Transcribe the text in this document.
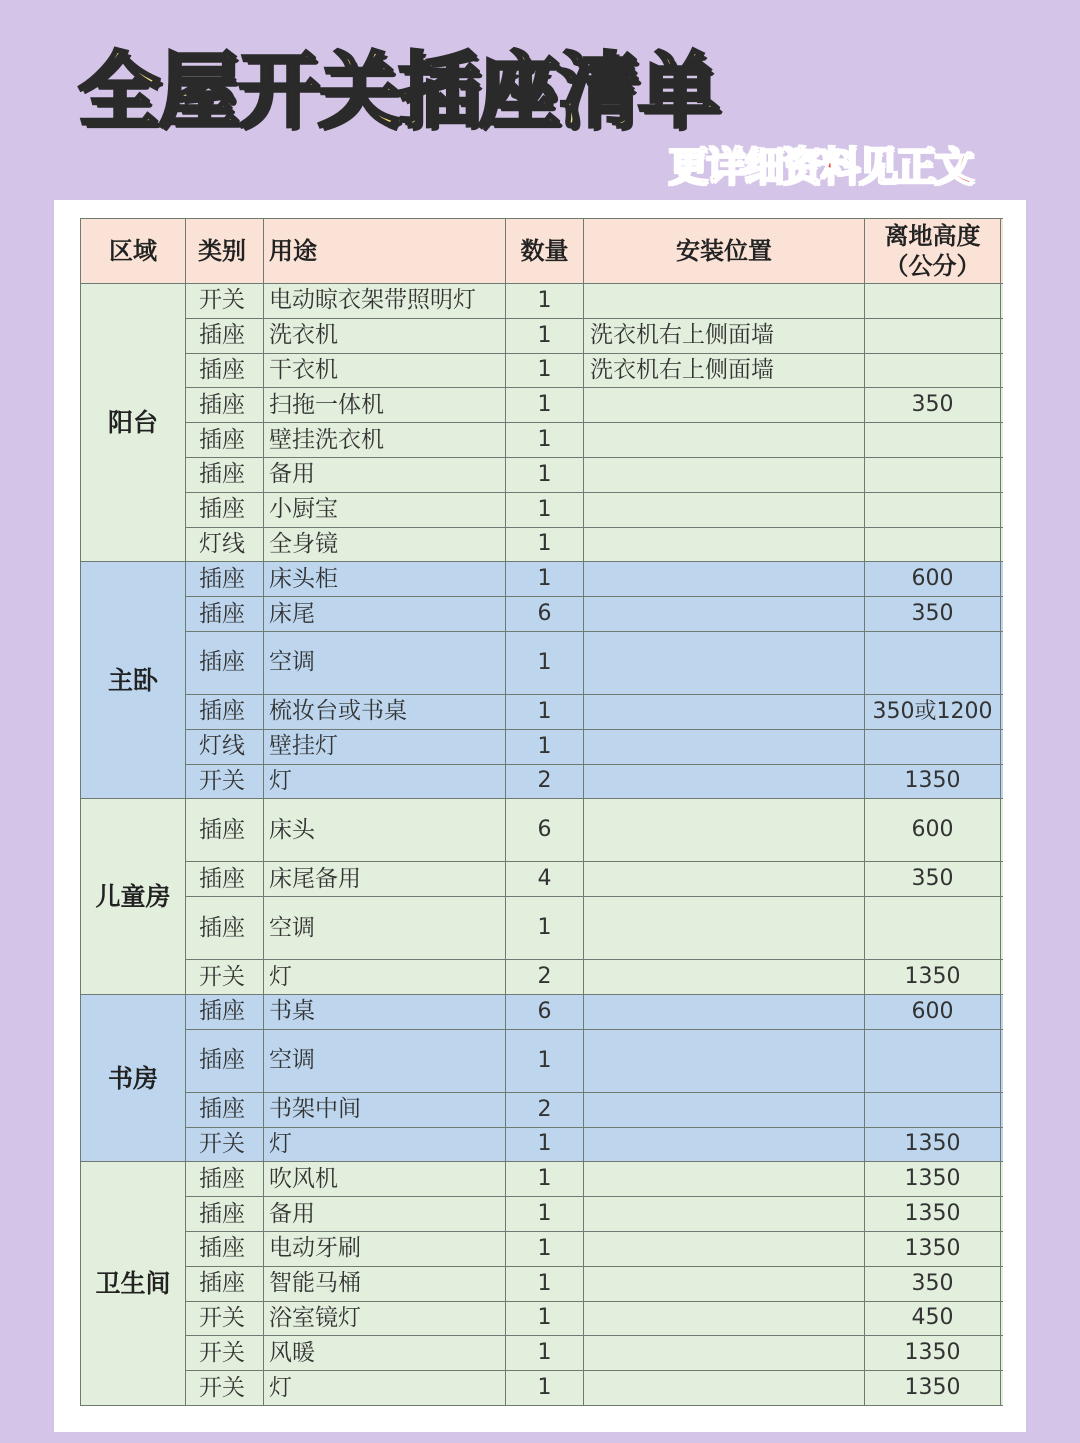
全屋开关插座清单
更详细资料见正文
区域	类别	用途	数量	安装位置	离地高度
（公分）	
阳台	开关	电动晾衣架带照明灯	1			
	插座	洗衣机	1	洗衣机右上侧面墙		
	插座	干衣机	1	洗衣机右上侧面墙		
	插座	扫拖一体机	1		350	
	插座	壁挂洗衣机	1			
	插座	备用	1			
	插座	小厨宝	1			
	灯线	全身镜	1			
主卧	插座	床头柜	1		600	
	插座	床尾	6		350	
	插座	空调	1			
	插座	梳妆台或书桌	1		350或1200	
	灯线	壁挂灯	1			
	开关	灯	2		1350	
儿童房	插座	床头	6		600	
	插座	床尾备用	4		350	
	插座	空调	1			
	开关	灯	2		1350	
书房	插座	书桌	6		600	
	插座	空调	1			
	插座	书架中间	2			
	开关	灯	1		1350	
卫生间	插座	吹风机	1		1350	
	插座	备用	1		1350	
	插座	电动牙刷	1		1350	
	插座	智能马桶	1		350	
	开关	浴室镜灯	1		450	
	开关	风暖	1		1350	
	开关	灯	1		1350	
